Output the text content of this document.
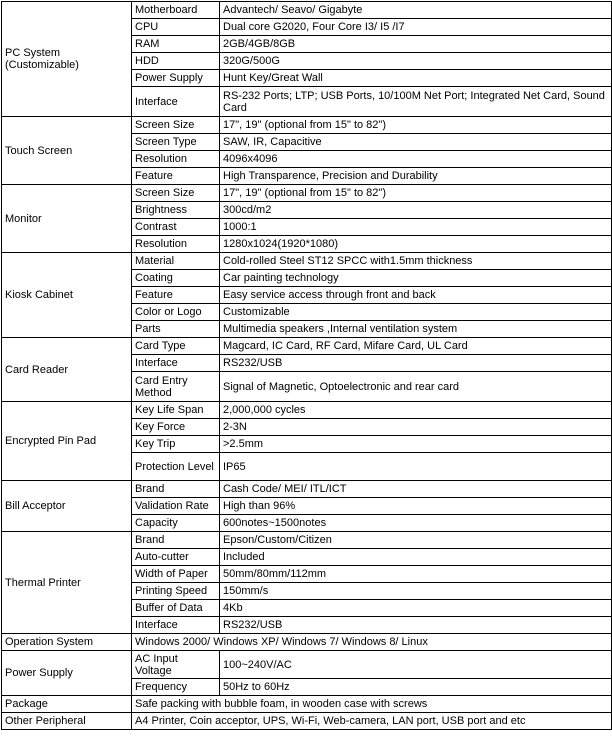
PC System (Customizable)	Motherboard	Advantech/ Seavo/ Gigabyte
	CPU	Dual core G2020, Four Core I3/ I5 /I7
	RAM	2GB/4GB/8GB
	HDD	320G/500G
	Power Supply	Hunt Key/Great Wall
	Interface	RS-232 Ports; LTP; USB Ports, 10/100M Net Port; Integrated Net Card, Sound Card
Touch Screen	Screen Size	17", 19" (optional from 15" to 82")
	Screen Type	SAW, IR, Capacitive
	Resolution	4096x4096
	Feature	High Transparence, Precision and Durability
Monitor	Screen Size	17", 19" (optional from 15" to 82")
	Brightness	300cd/m2
	Contrast	1000:1
	Resolution	1280x1024(1920*1080)
Kiosk Cabinet	Material	Cold-rolled Steel ST12 SPCC with1.5mm thickness
	Coating	Car painting technology
	Feature	Easy service access through front and back
	Color or Logo	Customizable
	Parts	Multimedia speakers ,Internal ventilation system
Card Reader	Card Type	Magcard, IC Card, RF Card, Mifare Card, UL Card
	Interface	RS232/USB
	Card Entry Method	Signal of Magnetic, Optoelectronic and rear card
Encrypted Pin Pad	Key Life Span	2,000,000 cycles
	Key Force	2-3N
	Key Trip	>2.5mm
	Protection Level	IP65
Bill Acceptor	Brand	Cash Code/ MEI/ ITL/ICT
	Validation Rate	High than 96%
	Capacity	600notes~1500notes
Thermal Printer	Brand	Epson/Custom/Citizen
	Auto-cutter	Included
	Width of Paper	50mm/80mm/112mm
	Printing Speed	150mm/s
	Buffer of Data	4Kb
	Interface	RS232/USB
Operation System	Windows 2000/ Windows XP/ Windows 7/ Windows 8/ Linux	
Power Supply	AC Input Voltage	100~240V/AC
	Frequency	50Hz to 60Hz
Package	Safe packing with bubble foam, in wooden case with screws	
Other Peripheral	A4 Printer, Coin acceptor, UPS, Wi-Fi, Web-camera, LAN port, USB port and etc	
